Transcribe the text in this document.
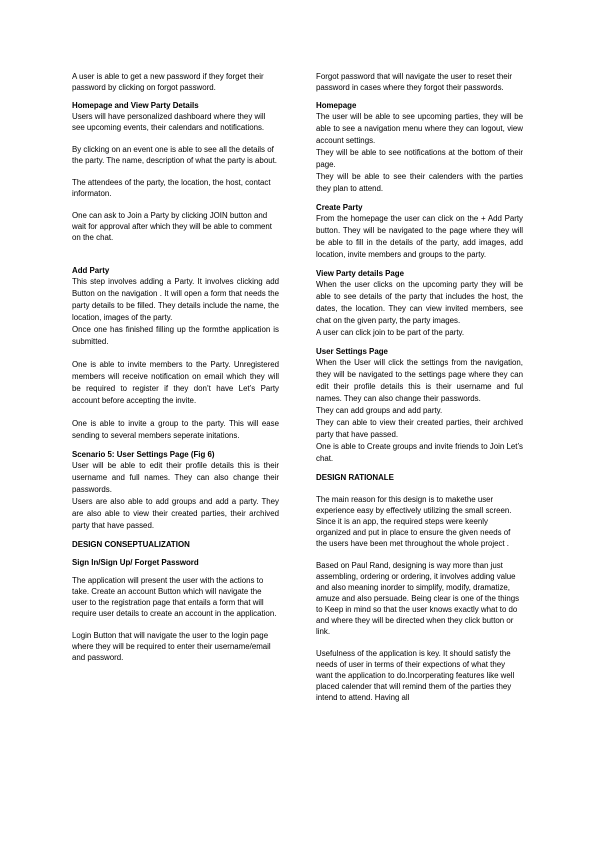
A user is able to get a new password if they forget their password by clicking on forgot password.

Homepage and View Party Details

Users will have personalized dashboard where they will see upcoming events, their calendars and notifications.

By clicking on an event one is able to see all the details of the party. The name, description of what the party is about.

The attendees of the party, the location, the host, contact informaton.

One can ask to Join a Party by clicking JOIN button and wait for approval after which they will be able to comment on the chat.

Add Party

This step involves adding a Party. It involves clicking add Button on the navigation . It will open a form that needs the party details to be filled. They details include the name, the location, images of the party.

Once one has finished filling up the formthe application is submitted.

One is able to invite members to the Party. Unregistered members will receive notification on email which they will be required to register if they don’t have Let’s Party account before accepting the invite.

One is able to invite a group to the party. This will ease sending to several members seperate initations.

Scenario 5: User Settings Page (Fig 6)

User will be able to edit their profile details this is their username and full names. They can also change their passwords.

Users are also able to add groups and add a party. They are also able to view their created parties, their archived party that have passed.

DESIGN CONSEPTUALIZATION
Sign In/Sign Up/ Forget Password

The application will present the user with the actions to take. Create an account Button which will navigate the user to the registration page that entails a form that will require user details to create an account in the application.

Login Button that will navigate the user to the login page where they will be required to enter their username/email and password.

Forgot password that will navigate the user to reset their password in cases where they forgot their passwords.

Homepage

The user will be able to see upcoming parties, they will be able to see a navigation menu where they can logout, view account settings.

They will be able to see notifications at the bottom of their page.

They will be able to see their calenders with the parties they plan to attend.

Create Party

From the homepage the user can click on the + Add Party button. They will be navigated to the page where they will be able to fill in the details of the party, add images, add location, invite members and groups to the party.

View Party details Page

When the user clicks on the upcoming party they will be able to see details of the party that includes the host, the dates, the location. They can view invited members, see chat on the given party, the party images.

A user can click join to be part of the party.

User Settings Page

When the User will click the settings from the navigation, they will be navigated to the settings page where they can edit their profile details this is their username and ful names. They can also change their passwords.

They can add groups and add party.

They can able to view their created parties, their archived party that have passed.

One is able to Create groups and invite friends to Join Let’s chat.

DESIGN RATIONALE

The main reason for this design is to makethe user experience easy by effectively utilizing the small screen. Since it is an app, the required steps were keenly organized and put in place to ensure the given needs of the users have been met throughout the whole project .

Based on Paul Rand, designing is way more than just assembling, ordering or ordering, it involves adding value and also meaning inorder to simplify, modify, dramatize, amuze and also persuade. Being clear is one of the things to Keep in mind so that the user knows exactly what to do and where they will be directed when they click button or link.

Usefulness of the application is key. It should satisfy the needs of user in terms of their expections of what they want the application to do.Incorperating features like well placed calender that will remind them of the parties they intend to attend. Having all
